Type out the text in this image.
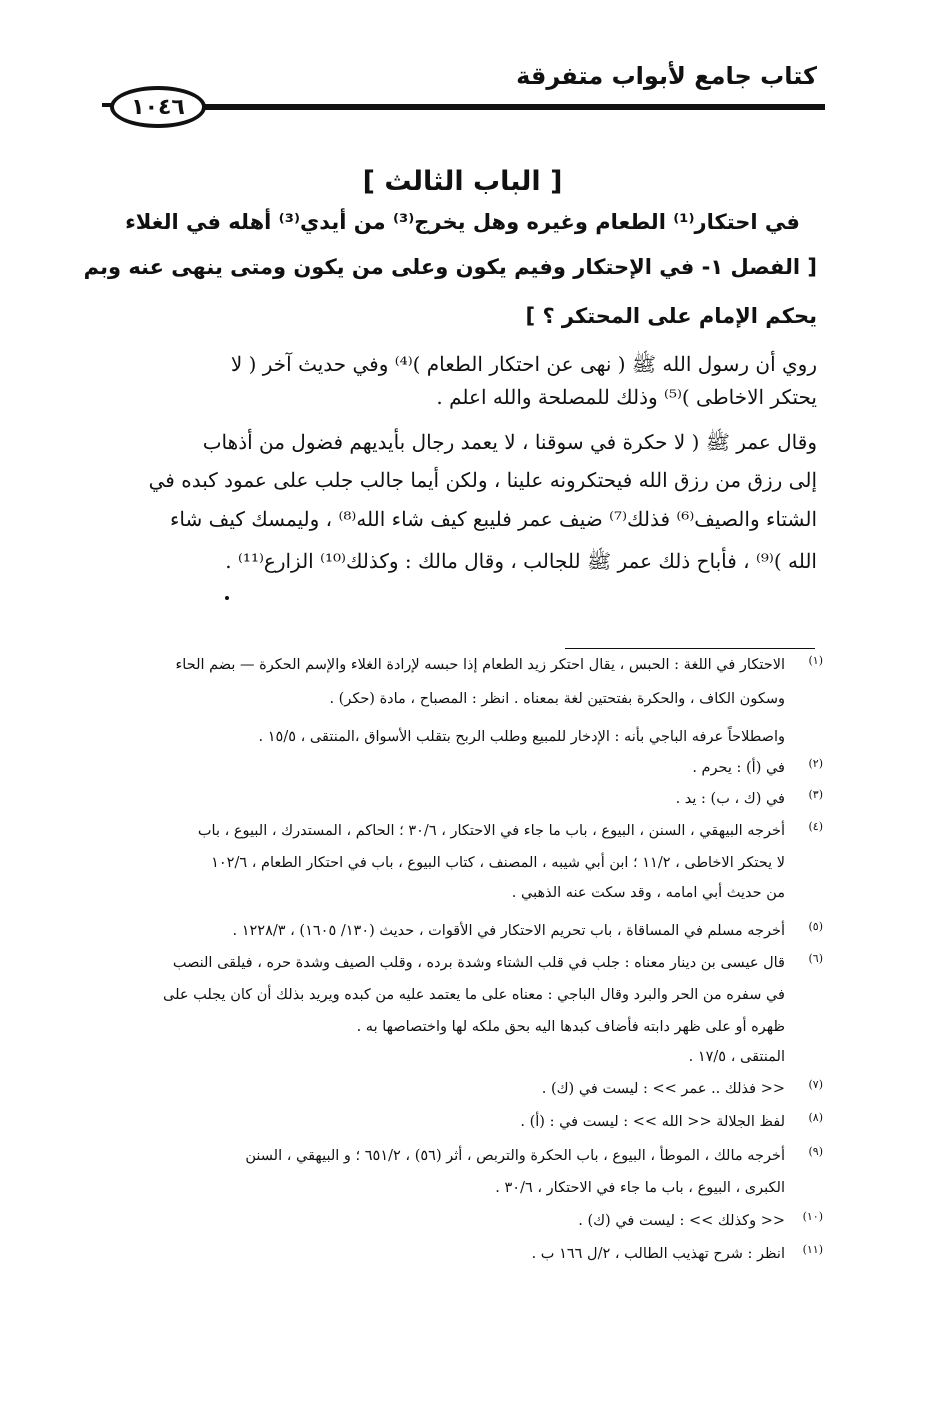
كتاب جامع لأبواب متفرقة
١٠٤٦
[ الباب الثالث ]
في احتكار⁽¹⁾ الطعام وغيره وهل يخرج⁽³⁾ من أيدي⁽³⁾ أهله في الغلاء
[ الفصل ١- في الإحتكار وفيم يكون وعلى من يكون ومتى ينهى عنه وبم
يحكم الإمام على المحتكر ؟ ]
روي أن رسول الله ﷺ ( نهى عن احتكار الطعام )⁽⁴⁾ وفي حديث آخر ( لا
يحتكر الاخاطى )⁽⁵⁾ وذلك للمصلحة والله اعلم .
وقال عمر ﷺ ( لا حكرة في سوقنا ، لا يعمد رجال بأيديهم فضول من أذهاب
إلى رزق من رزق الله فيحتكرونه علينا ، ولكن أيما جالب جلب على عمود كبده في
الشتاء والصيف⁽⁶⁾ فذلك⁽⁷⁾ ضيف عمر فليبع كيف شاء الله⁽⁸⁾ ، وليمسك كيف شاء
الله )⁽⁹⁾ ، فأباح ذلك عمر ﷺ للجالب ، وقال مالك : وكذلك⁽¹⁰⁾ الزارع⁽¹¹⁾ .
(١)
الاحتكار في اللغة : الحبس ، يقال احتكر زيد الطعام إذا حبسه لإرادة الغلاء والإسم الحكرة — بضم الحاء
وسكون الكاف ، والحكرة بفتحتين لغة بمعناه . انظر : المصباح ، مادة (حكر) .
واصطلاحاً عرفه الباجي بأنه : الإدخار للمبيع وطلب الربح بتقلب الأسواق ،المنتقى ، ١٥/٥ .
(٢)
في (أ) : يحرم .
(٣)
في (ك ، ب) : يد .
(٤)
أخرجه البيهقي ، السنن ، البيوع ، باب ما جاء في الاحتكار ، ٣٠/٦ ؛ الحاكم ، المستدرك ، البيوع ، باب
لا يحتكر الاخاطى ، ١١/٢ ؛ ابن أبي شيبه ، المصنف ، كتاب البيوع ، باب في احتكار الطعام ، ١٠٢/٦
من حديث أبي امامه ، وقد سكت عنه الذهبي .
(٥)
أخرجه مسلم في المساقاة ، باب تحريم الاحتكار في الأقوات ، حديث (١٣٠/ ١٦٠٥) ، ١٢٢٨/٣ .
(٦)
قال عيسى بن دينار معناه : جلب في قلب الشتاء وشدة برده ، وقلب الصيف وشدة حره ، فيلقى النصب
في سفره من الحر والبرد وقال الباجي : معناه على ما يعتمد عليه من كبده ويريد بذلك أن كان يجلب على
ظهره أو على ظهر دابته فأضاف كبدها اليه بحق ملكه لها واختصاصها به .
المنتقى ، ١٧/٥ .
(٧)
<< فذلك .. عمر >> : ليست في (ك) .
(٨)
لفظ الجلالة << الله >> : ليست في : (أ) .
(٩)
أخرجه مالك ، الموطأ ، البيوع ، باب الحكرة والتربص ، أثر (٥٦) ، ٦٥١/٢ ؛ و البيهقي ، السنن
الكبرى ، البيوع ، باب ما جاء في الاحتكار ، ٣٠/٦ .
(١٠)
<< وكذلك >> : ليست في (ك) .
(١١)
انظر : شرح تهذيب الطالب ، ٢/ل ١٦٦ ب .
